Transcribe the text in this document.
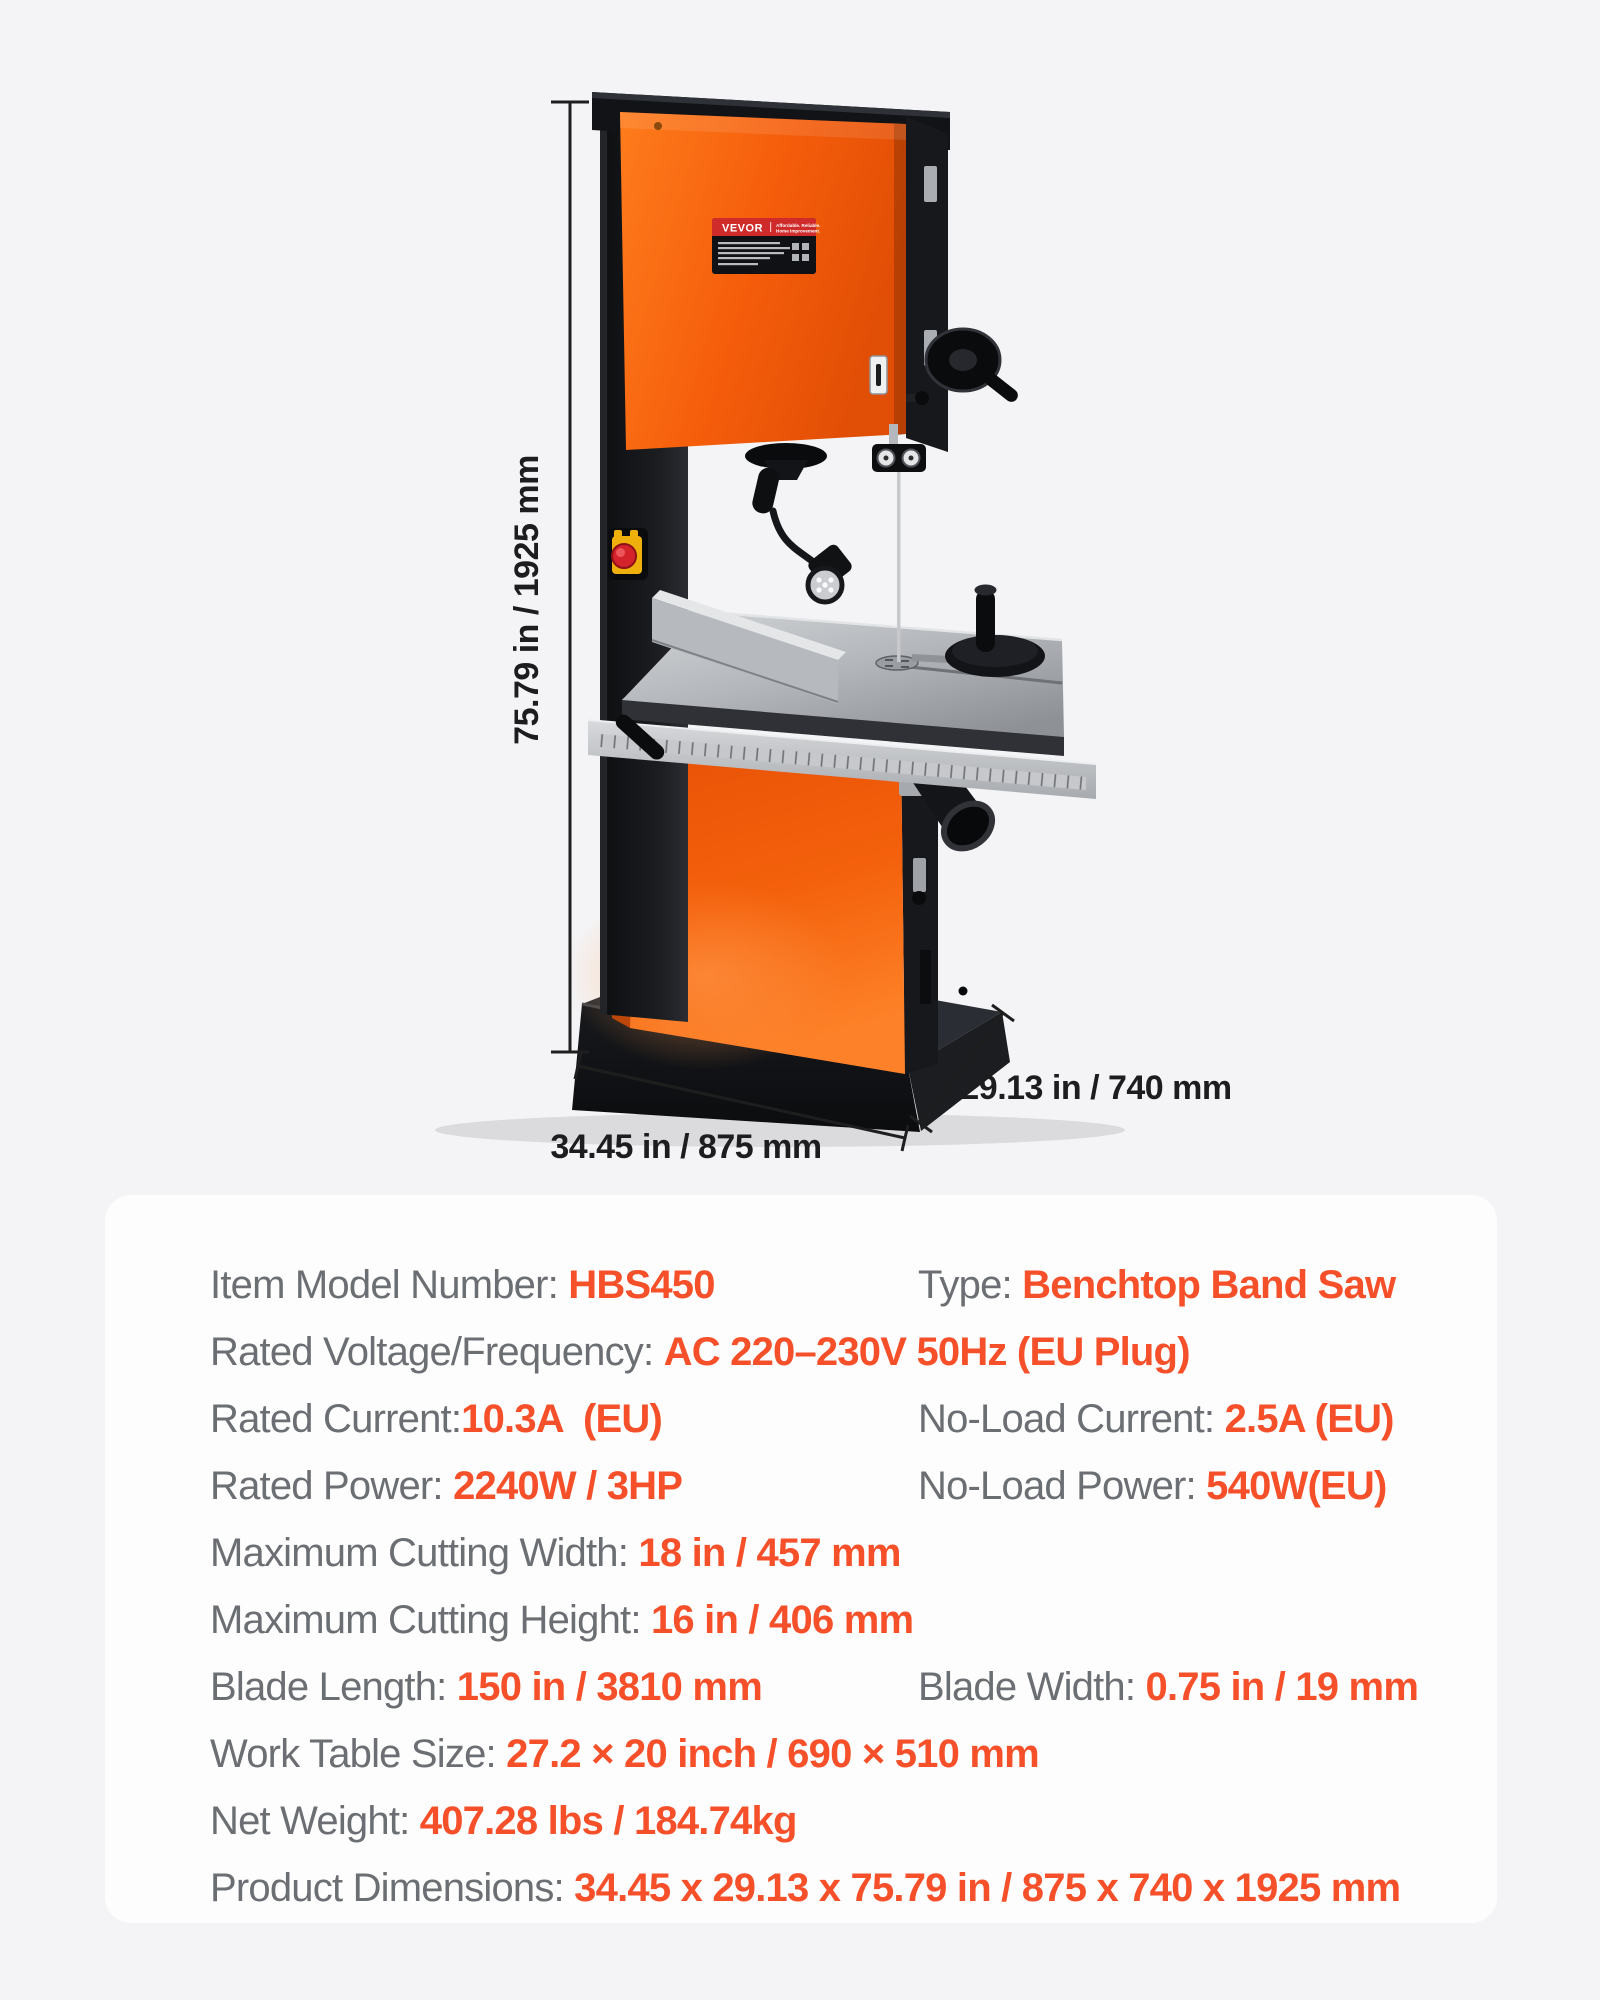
VEVOR	Affordable. Reliable.
Home Improvement.
75.79 in / 1925 mm
34.45 in / 875 mm
29.13 in / 740 mm

Item Model Number: HBS450	Type: Benchtop Band Saw

Rated Voltage/Frequency: AC 220–230V 50Hz (EU Plug)

Rated Current:10.3A  (EU)	No-Load Current: 2.5A (EU)

Rated Power: 2240W / 3HP	No-Load Power: 540W(EU)

Maximum Cutting Width: 18 in / 457 mm

Maximum Cutting Height: 16 in / 406 mm

Blade Length: 150 in / 3810 mm	Blade Width: 0.75 in / 19 mm

Work Table Size: 27.2 × 20 inch / 690 × 510 mm

Net Weight: 407.28 lbs / 184.74kg

Product Dimensions: 34.45 x 29.13 x 75.79 in / 875 x 740 x 1925 mm
